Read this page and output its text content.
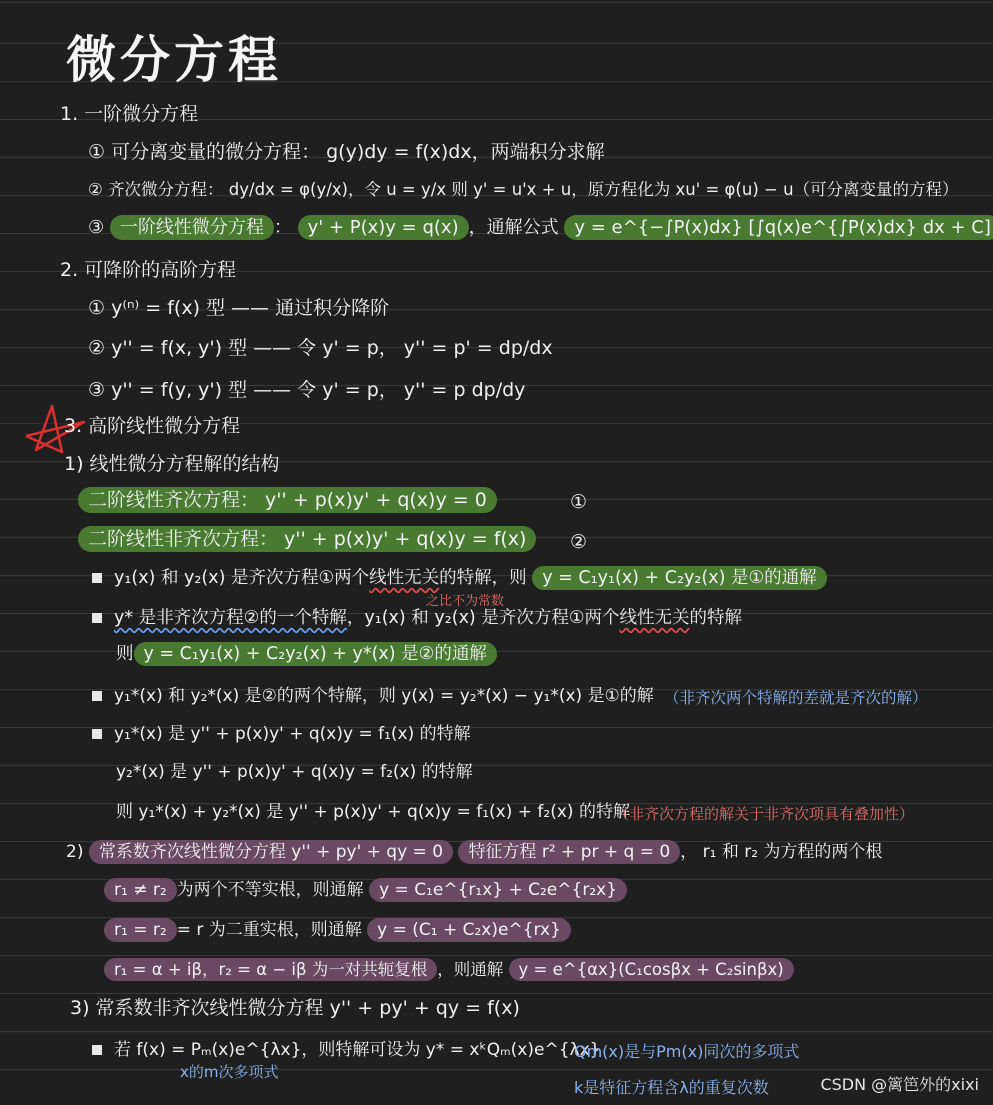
微分方程
1. 一阶微分方程
① 可分离变量的微分方程： g(y)dy = f(x)dx，两端积分求解
② 齐次微分方程： dy/dx = φ(y/x)，令 u = y/x 则 y' = u'x + u，原方程化为 xu' = φ(u) − u（可分离变量的方程）
③ 一阶线性微分方程 ： y' + P(x)y = q(x) ，通解公式 y = e^{−∫P(x)dx} [∫q(x)e^{∫P(x)dx} dx + C]
2. 可降阶的高阶方程
① y⁽ⁿ⁾ = f(x) 型 —— 通过积分降阶
② y'' = f(x, y') 型 —— 令 y' = p， y'' = p' = dp/dx
③ y'' = f(y, y') 型 —— 令 y' = p， y'' = p dp/dy
3. 高阶线性微分方程
1) 线性微分方程解的结构
二阶线性齐次方程： y'' + p(x)y' + q(x)y = 0	①
二阶线性非齐次方程： y'' + p(x)y' + q(x)y = f(x)	②
y₁(x) 和 y₂(x) 是齐次方程①两个线性无关的特解，则 y = C₁y₁(x) + C₂y₂(x) 是①的通解
之比不为常数
y* 是非齐次方程②的一个特解，y₁(x) 和 y₂(x) 是齐次方程①两个线性无关的特解
则 y = C₁y₁(x) + C₂y₂(x) + y*(x) 是②的通解
y₁*(x) 和 y₂*(x) 是②的两个特解，则 y(x) = y₂*(x) − y₁*(x) 是①的解 （非齐次两个特解的差就是齐次的解）
y₁*(x) 是 y'' + p(x)y' + q(x)y = f₁(x) 的特解
y₂*(x) 是 y'' + p(x)y' + q(x)y = f₂(x) 的特解
则 y₁*(x) + y₂*(x) 是 y'' + p(x)y' + q(x)y = f₁(x) + f₂(x) 的特解
（非齐次方程的解关于非齐次项具有叠加性）
2) 常系数齐次线性微分方程 y'' + py' + qy = 0 特征方程 r² + pr + q = 0 ， r₁ 和 r₂ 为方程的两个根
r₁ ≠ r₂ 为两个不等实根，则通解 y = C₁e^{r₁x} + C₂e^{r₂x}
r₁ = r₂ = r 为二重实根，则通解 y = (C₁ + C₂x)e^{rx}
r₁ = α + iβ，r₂ = α − iβ 为一对共轭复根 ，则通解 y = e^{αx}(C₁cosβx + C₂sinβx)
3) 常系数非齐次线性微分方程 y'' + py' + qy = f(x)
若 f(x) = Pₘ(x)e^{λx}，则特解可设为 y* = xᵏQₘ(x)e^{λx}
x的m次多项式
Qm(x)是与Pm(x)同次的多项式
k是特征方程含λ的重复次数	CSDN @篱笆外的xixi
